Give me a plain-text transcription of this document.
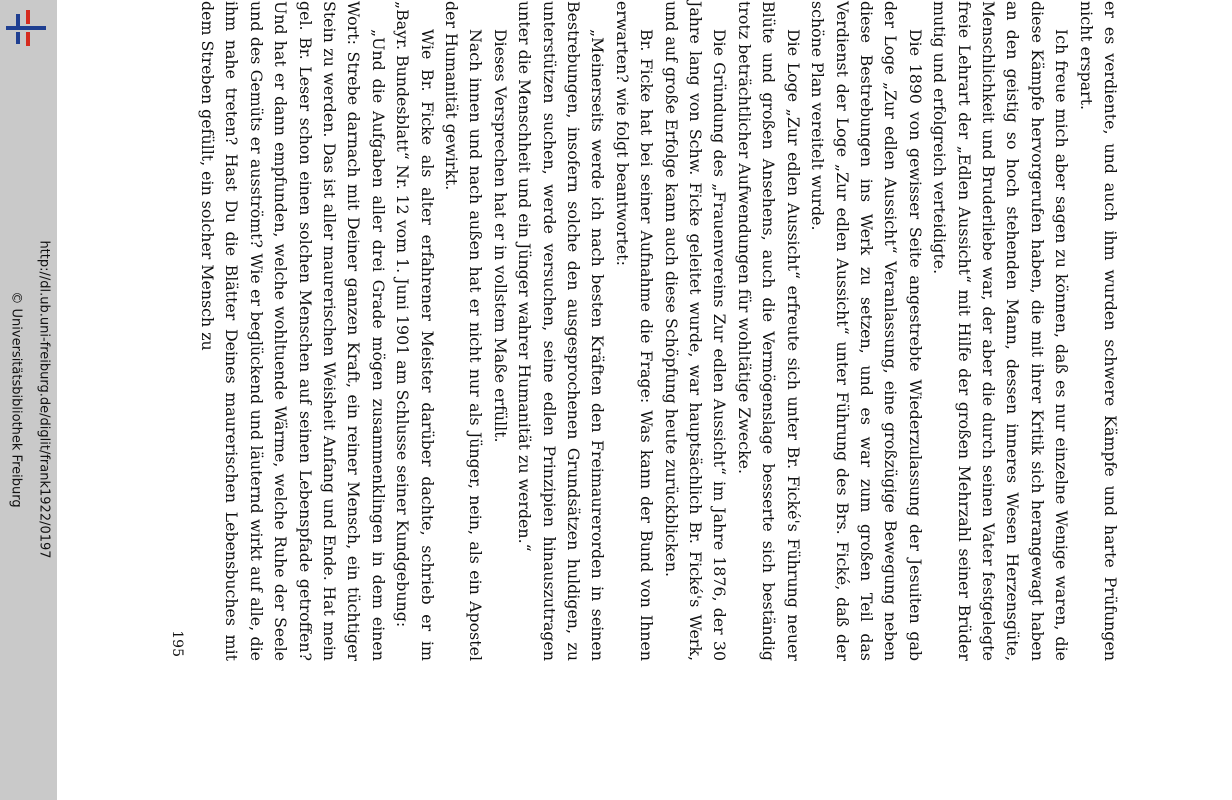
http://dl.ub.uni-freiburg.de/diglit/frank1922/0197
© Universitätsbibliothek Freiburg	er es verdiente, und auch ihm wurden schwere Kämpfe und harte Prüfungen nicht erspart.

Ich freue mich aber sagen zu können, daß es nur einzelne Wenige waren, die diese Kämpfe hervorgerufen haben, die mit ihrer Kritik sich herangewagt haben an den geistig so hoch stehenden Mann, dessen inneres Wesen Herzensgüte, Menschlichkeit und Bruderliebe war, der aber die durch seinen Vater festgelegte freie Lehrart der „Edlen Aussicht“ mit Hilfe der großen Mehrzahl seiner Brüder mutig und erfolgreich verteidigte.

Die 1890 von gewisser Seite angestrebte Wiederzulassung der Jesuiten gab der Loge „Zur edlen Aussicht“ Veranlassung, eine großzügige Bewegung neben diese Bestrebungen ins Werk zu setzen, und es war zum großen Teil das Verdienst der Loge „Zur edlen Aussicht“ unter Führung des Brs. Fické, daß der schöne Plan vereitelt wurde.

Die Loge „Zur edlen Aussicht“ erfreute sich unter Br. Fické's Führung neuer Blüte und großen Ansehens, auch die Vermögenslage besserte sich beständig trotz beträchtlicher Aufwendungen für wohltätige Zwecke.

Die Gründung des „Frauenvereins Zur edlen Aussicht“ im Jahre 1876, der 30 Jahre lang von Schw. Ficke geleitet wurde, war hauptsächlich Br. Fické's Werk, und auf große Erfolge kann auch diese Schöpfung heute zurückblicken.

Br. Ficke hat bei seiner Aufnahme die Frage: Was kann der Bund von Ihnen erwarten? wie folgt beantwortet:

„Meinerseits werde ich nach besten Kräften den Freimaurerorden in seinen Bestrebungen, insofern solche den ausgesprochenen Grundsätzen huldigen, zu unterstützen suchen, werde versuchen, seine edlen Prinzipien hinauszutragen unter die Menschheit und ein Jünger wahrer Humanität zu werden.“

Dieses Versprechen hat er in vollstem Maße erfüllt.

Nach innen und nach außen hat er nicht nur als Jünger, nein, als ein Apostel der Humanität gewirkt.

Wie Br. Ficke als alter erfahrener Meister darüber dachte, schrieb er im „Bayr. Bundesblatt“ Nr. 12 vom 1. Juni 1901 am Schlusse seiner Kundgebung:

„Und die Aufgaben aller drei Grade mögen zusammenklingen in dem einen Wort: Strebe darnach mit Deiner ganzen Kraft, ein reiner Mensch, ein tüchtiger Stein zu werden. Das ist aller maurerischen Weisheit Anfang und Ende. Hat mein gel. Br. Leser schon einen solchen Menschen auf seinen Lebenspfade getroffen? Und hat er dann empfunden, welche wohltuende Wärme, welche Ruhe der Seele und des Gemüts er ausströmt? Wie er beglückend und läuternd wirkt auf alle, die ihm nahe treten? Hast Du die Blätter Deines maurerischen Lebensbuches mit dem Streben gefüllt, ein solcher Mensch zu

195
